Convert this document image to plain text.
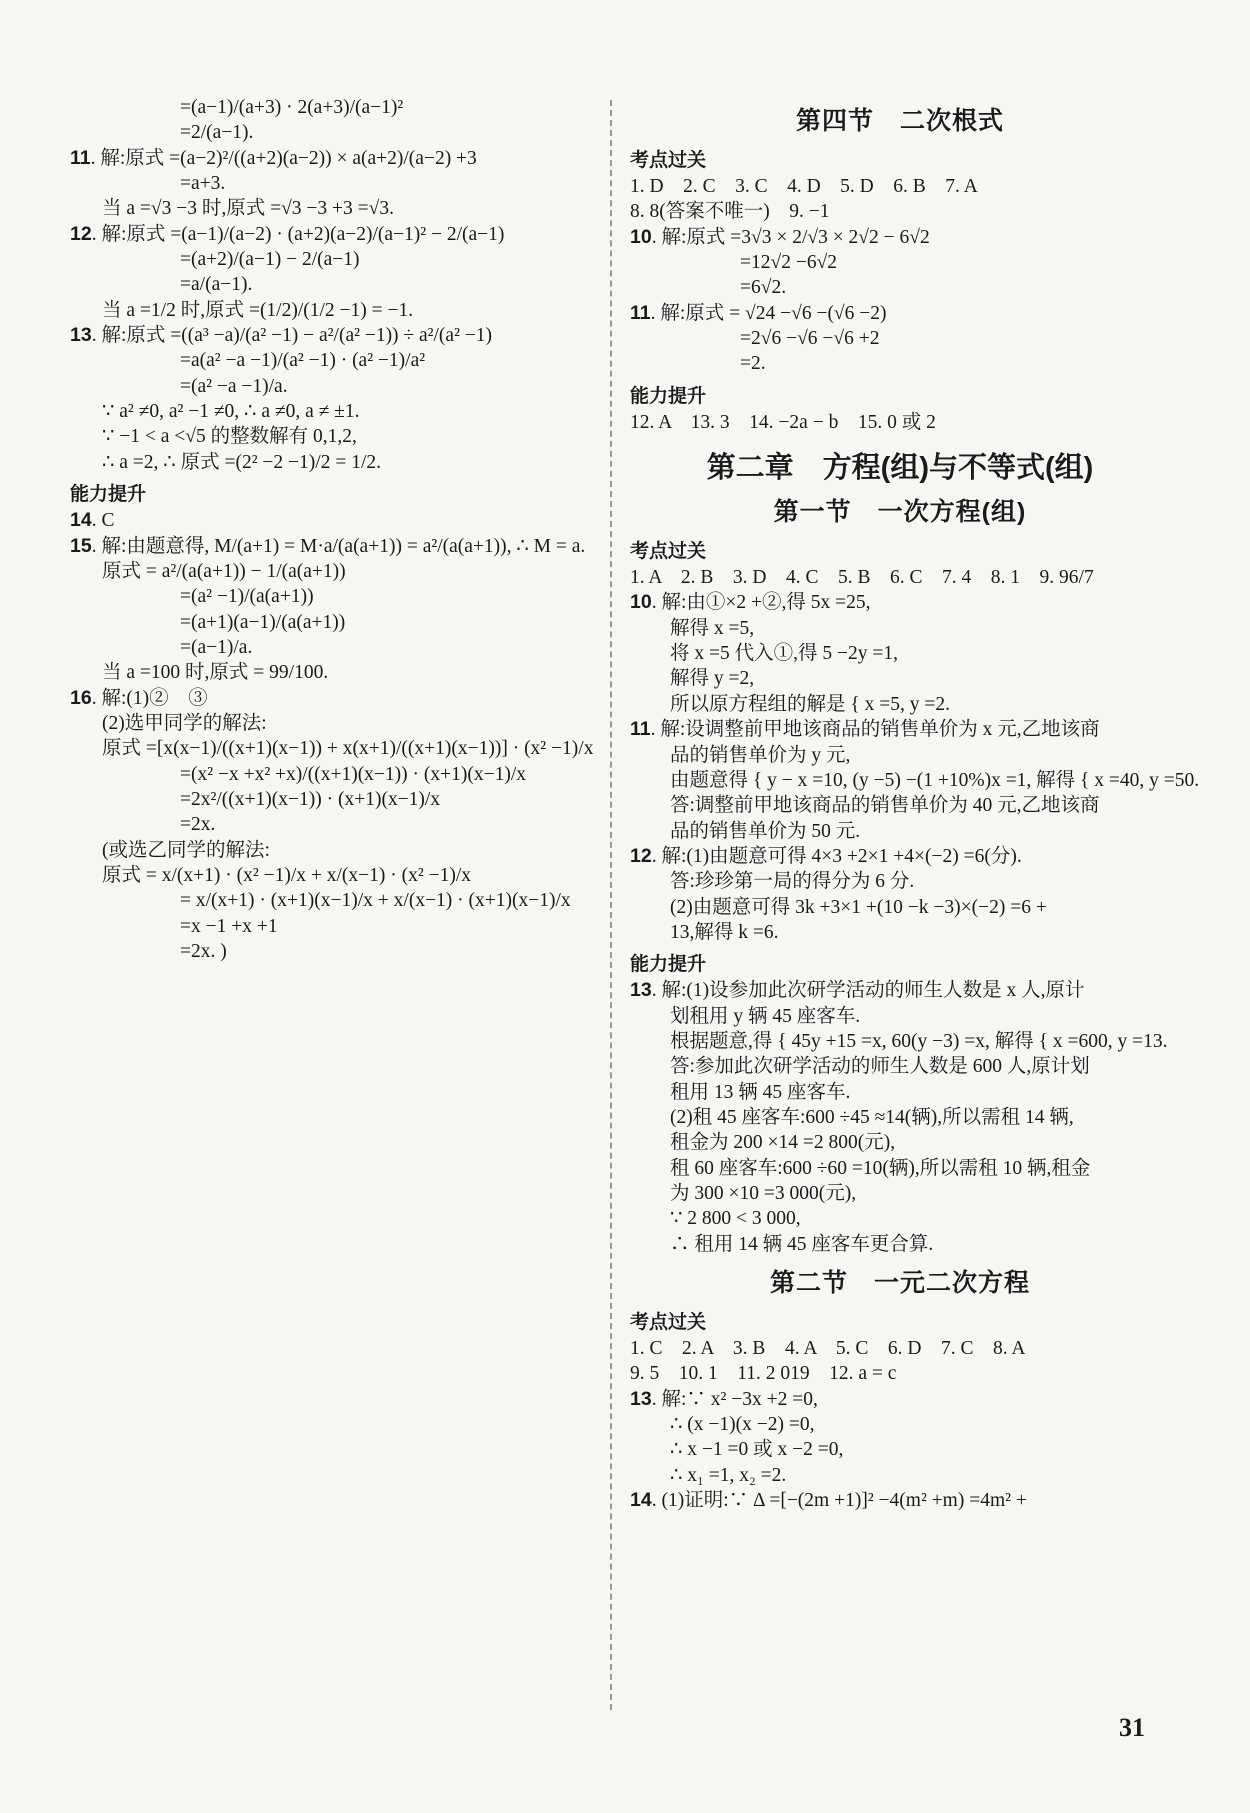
=(a−1)/(a+3) · 2(a+3)/(a−1)²

=2/(a−1).

11. 解:原式 =(a−2)²/((a+2)(a−2)) × a(a+2)/(a−2) +3

=a+3.

当 a =√3 −3 时,原式 =√3 −3 +3 =√3.

12. 解:原式 =(a−1)/(a−2) · (a+2)(a−2)/(a−1)² − 2/(a−1)

=(a+2)/(a−1) − 2/(a−1)

=a/(a−1).

当 a =1/2 时,原式 =(1/2)/(1/2 −1) = −1.

13. 解:原式 =((a³ −a)/(a² −1) − a²/(a² −1)) ÷ a²/(a² −1)

=a(a² −a −1)/(a² −1) · (a² −1)/a²

=(a² −a −1)/a.

∵ a² ≠0, a² −1 ≠0, ∴ a ≠0, a ≠ ±1.

∵ −1 < a <√5 的整数解有 0,1,2,

∴ a =2, ∴ 原式 =(2² −2 −1)/2 = 1/2.

能力提升

14. C

15. 解:由题意得, M/(a+1) = M·a/(a(a+1)) = a²/(a(a+1)), ∴ M = a.

原式 = a²/(a(a+1)) − 1/(a(a+1))

=(a² −1)/(a(a+1))

=(a+1)(a−1)/(a(a+1))

=(a−1)/a.

当 a =100 时,原式 = 99/100.

16. 解:(1)②　③

(2)选甲同学的解法:

原式 =[x(x−1)/((x+1)(x−1)) + x(x+1)/((x+1)(x−1))] · (x² −1)/x

=(x² −x +x² +x)/((x+1)(x−1)) · (x+1)(x−1)/x

=2x²/((x+1)(x−1)) · (x+1)(x−1)/x

=2x.

(或选乙同学的解法:

原式 = x/(x+1) · (x² −1)/x + x/(x−1) · (x² −1)/x

= x/(x+1) · (x+1)(x−1)/x + x/(x−1) · (x+1)(x−1)/x

=x −1 +x +1

=2x. )

第四节　二次根式
考点过关

1. D　2. C　3. C　4. D　5. D　6. B　7. A

8. 8(答案不唯一)　9. −1

10. 解:原式 =3√3 × 2/√3 × 2√2 − 6√2

=12√2 −6√2

=6√2.

11. 解:原式 = √24 −√6 −(√6 −2)

=2√6 −√6 −√6 +2

=2.

能力提升

12. A　13. 3　14. −2a − b　15. 0 或 2

第二章　方程(组)与不等式(组)
第一节　一次方程(组)
考点过关

1. A　2. B　3. D　4. C　5. B　6. C　7. 4　8. 1　9. 96/7

10. 解:由①×2 +②,得 5x =25,

解得 x =5,

将 x =5 代入①,得 5 −2y =1,

解得 y =2,

所以原方程组的解是 { x =5, y =2.

11. 解:设调整前甲地该商品的销售单价为 x 元,乙地该商

品的销售单价为 y 元,

由题意得 { y − x =10, (y −5) −(1 +10%)x =1, 解得 { x =40, y =50.

答:调整前甲地该商品的销售单价为 40 元,乙地该商

品的销售单价为 50 元.

12. 解:(1)由题意可得 4×3 +2×1 +4×(−2) =6(分).

答:珍珍第一局的得分为 6 分.

(2)由题意可得 3k +3×1 +(10 −k −3)×(−2) =6 +

13,解得 k =6.

能力提升

13. 解:(1)设参加此次研学活动的师生人数是 x 人,原计

划租用 y 辆 45 座客车.

根据题意,得 { 45y +15 =x, 60(y −3) =x, 解得 { x =600, y =13.

答:参加此次研学活动的师生人数是 600 人,原计划

租用 13 辆 45 座客车.

(2)租 45 座客车:600 ÷45 ≈14(辆),所以需租 14 辆,

租金为 200 ×14 =2 800(元),

租 60 座客车:600 ÷60 =10(辆),所以需租 10 辆,租金

为 300 ×10 =3 000(元),

∵ 2 800 < 3 000,

∴ 租用 14 辆 45 座客车更合算.

第二节　一元二次方程
考点过关

1. C　2. A　3. B　4. A　5. C　6. D　7. C　8. A

9. 5　10. 1　11. 2 019　12. a = c

13. 解:∵ x² −3x +2 =0,

∴ (x −1)(x −2) =0,

∴ x −1 =0 或 x −2 =0,

∴ x₁ =1, x₂ =2.

14. (1)证明:∵ Δ =[−(2m +1)]² −4(m² +m) =4m² +

31
